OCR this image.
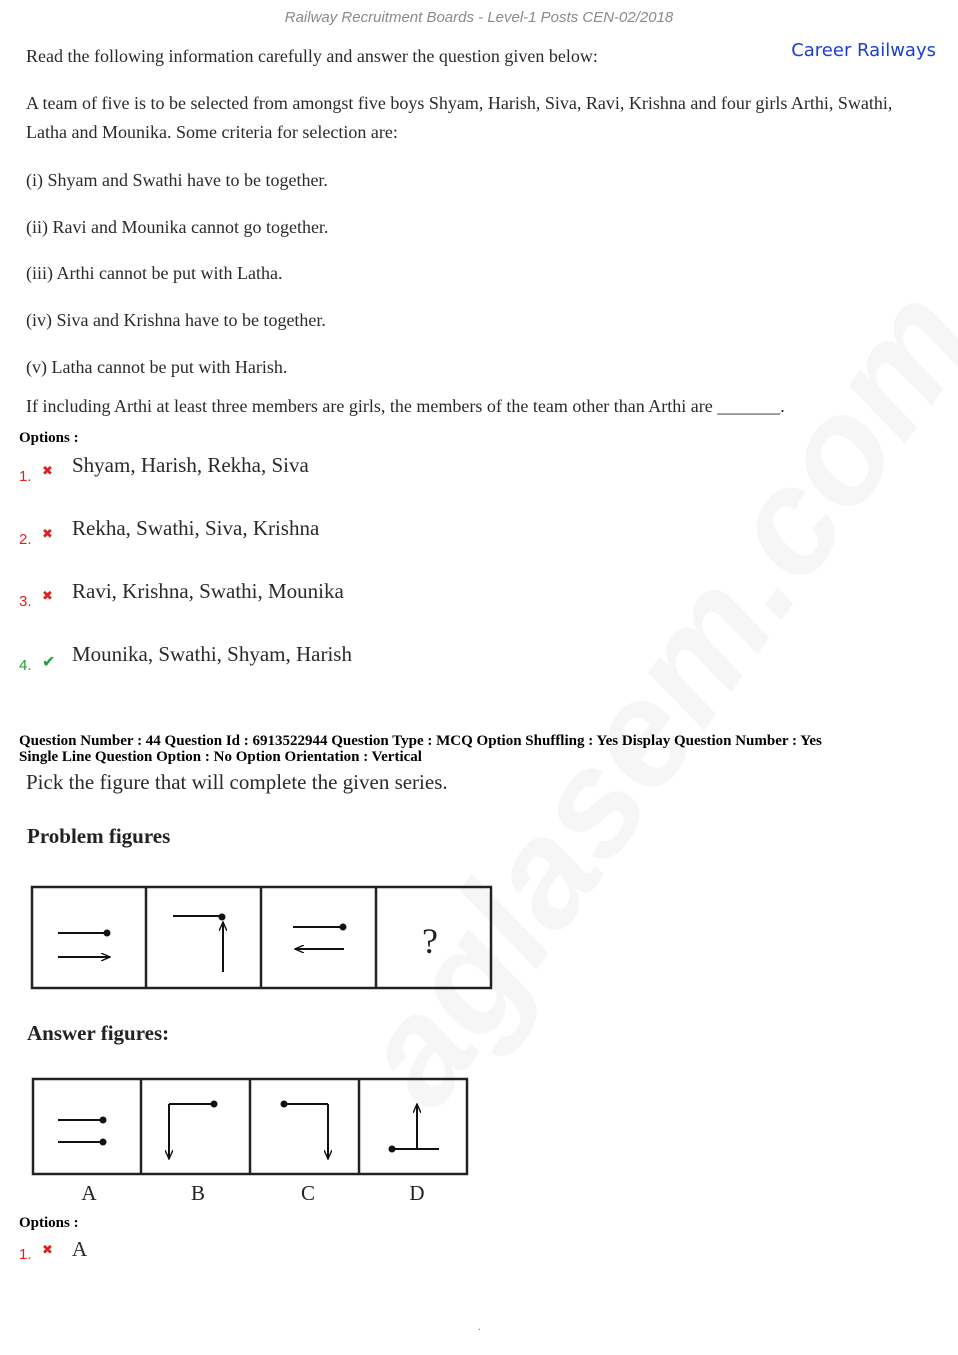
Railway Recruitment Boards - Level-1 Posts CEN-02/2018
Career Railways
Read the following information carefully and answer the question given below:
A team of five is to be selected from amongst five boys Shyam, Harish, Siva, Ravi, Krishna and four girls Arthi, Swathi, Latha and Mounika. Some criteria for selection are:
(i) Shyam and Swathi have to be together.
(ii) Ravi and Mounika cannot go together.
(iii) Arthi cannot be put with Latha.
(iv) Siva and Krishna have to be together.
(v) Latha cannot be put with Harish.
If including Arthi at least three members are girls, the members of the team other than Arthi are _______.
Options :
1. ✖ Shyam, Harish, Rekha, Siva
2. ✖ Rekha, Swathi, Siva, Krishna
3. ✖ Ravi, Krishna, Swathi, Mounika
4. ✔ Mounika, Swathi, Shyam, Harish
Question Number : 44 Question Id : 6913522944 Question Type : MCQ Option Shuffling : Yes Display Question Number : Yes
Single Line Question Option : No Option Orientation : Vertical
Pick the figure that will complete the given series.
Problem figures
?
Answer figures:
A	B	C	D
Options :
1. ✖ A
.
